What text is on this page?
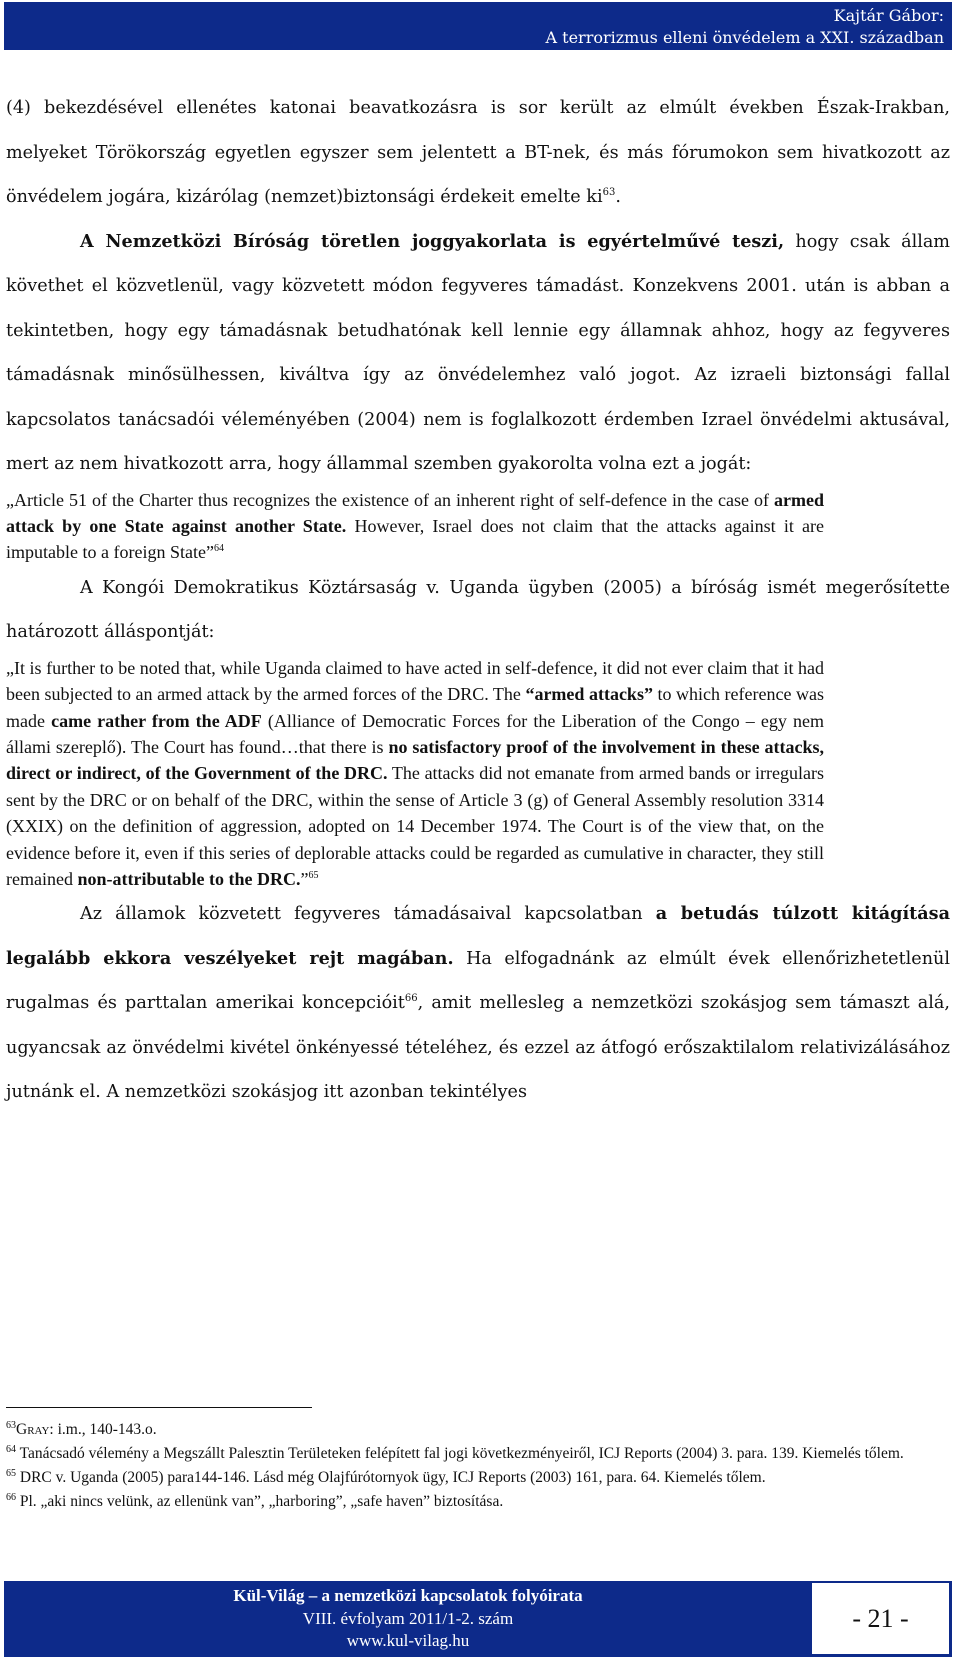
Kajtár Gábor:
A terrorizmus elleni önvédelem a XXI. században

(4) bekezdésével ellenétes katonai beavatkozásra is sor került az elmúlt években Észak-Irakban, melyeket Törökország egyetlen egyszer sem jelentett a BT-nek, és más fórumokon sem hivatkozott az önvédelem jogára, kizárólag (nemzet)biztonsági érdekeit emelte $ki^{63}$.

A Nemzetközi Bíróság töretlen joggyakorlata is egyértelművé teszi, hogy csak állam követhet el közvetlenül, vagy közvetett módon fegyveres támadást. Konzekvens 2001. után is abban a tekintetben, hogy egy támadásnak betudhatónak kell lennie egy államnak ahhoz, hogy az fegyveres támadásnak minősülhessen, kiváltva így az önvédelemhez való jogot. Az izraeli biztonsági fallal kapcsolatos tanácsadói véleményében (2004) nem is foglalkozott érdemben Izrael önvédelmi aktusával, mert az nem hivatkozott arra, hogy állammal szemben gyakorolta volna ezt a jogát:

„Article 51 of the Charter thus recognizes the existence of an inherent right of self-defence in the case of armed attack by one State against another State. However, Israel does not claim that the attacks against it are imputable to a foreign State”$^{64}$

A Kongói Demokratikus Köztársaság v. Uganda ügyben (2005) a bíróság ismét megerősítette határozott álláspontját:

„It is further to be noted that, while Uganda claimed to have acted in self-defence, it did not ever claim that it had been subjected to an armed attack by the armed forces of the DRC. The “armed attacks” to which reference was made came rather from the ADF (Alliance of Democratic Forces for the Liberation of the Congo – egy nem állami szereplő). The Court has found…that there is no satisfactory proof of the involvement in these attacks, direct or indirect, of the Government of the DRC. The attacks did not emanate from armed bands or irregulars sent by the DRC or on behalf of the DRC, within the sense of Article 3 (g) of General Assembly resolution 3314 (XXIX) on the definition of aggression, adopted on 14 December 1974. The Court is of the view that, on the evidence before it, even if this series of deplorable attacks could be regarded as cumulative in character, they still remained non-attributable to the DRC.”$^{65}$

Az államok közvetett fegyveres támadásaival kapcsolatban a betudás túlzott kitágítása legalább ekkora veszélyeket rejt magában. Ha elfogadnánk az elmúlt évek ellenőrizhetetlenül rugalmas és parttalan amerikai koncepcióit$^{66}$, amit mellesleg a nemzetközi szokásjog sem támaszt alá, ugyancsak az önvédelmi kivétel önkényessé tételéhez, és ezzel az átfogó erőszaktilalom relativizálásához jutnánk el. A nemzetközi szokásjog itt azonban tekintélyes

$^{63}$Gray: i.m., 140-143.o.

$^{64}$ Tanácsadó vélemény a Megszállt Palesztin Területeken felépített fal jogi következményeiről, ICJ Reports (2004) 3. para. 139. Kiemelés tőlem.

$^{65}$ DRC v. Uganda (2005) para144-146. Lásd még Olajfúrótornyok ügy, ICJ Reports (2003) 161, para. 64. Kiemelés tőlem.

$^{66}$ Pl. „aki nincs velünk, az ellenünk van”, „harboring”, „safe haven” biztosítása.

Kül-Világ – a nemzetközi kapcsolatok folyóirata
VIII. évfolyam 2011/1-2. szám
www.kul-vilag.hu
- 21 -
